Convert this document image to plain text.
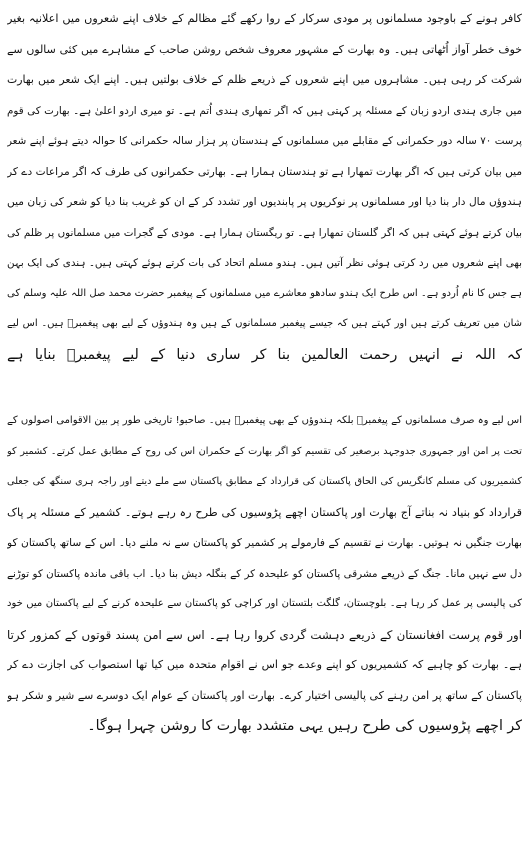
کافر ہونے کے باوجود مسلمانوں پر مودی سرکار کے روا رکھے گئے مظالم کے خلاف اپنے شعروں میں اعلانیہ بغیر

خوف خطر آواز اُٹھاتی ہیں۔ وہ بھارت کے مشہور معروف شخص روشن صاحب کے مشاہرے میں کئی سالوں سے

شرکت کر رہی ہیں۔ مشاہروں میں اپنے شعروں کے ذریعے ظلم کے خلاف بولتیں ہیں۔ اپنے ایک شعر میں بھارت

میں جاری ہندی اردو زبان کے مسئلہ پر کہتی ہیں کہ اگر تمھاری ہندی اُتم ہے۔ تو میری اردو اعلیٰ ہے۔ بھارت کی قوم

پرست ۷۰ سالہ دور حکمرانی کے مقابلے میں مسلمانوں کے ہندستان پر ہزار سالہ حکمرانی کا حوالہ دیتے ہوئے اپنے شعر

میں بیان کرتی ہیں کہ اگر بھارت تمھارا ہے تو ہندستان ہمارا ہے۔ بھارتی حکمرانوں کی طرف کہ اگر مراعات دے کر

ہندوؤں مال دار بنا دیا اور مسلمانوں پر نوکریوں پر پابندیوں اور تشدد کر کے ان کو غریب بنا دیا کو شعر کی زبان میں

بیان کرتے ہوئے کہتی ہیں کہ اگر گلستان تمھارا ہے۔ تو ریگستان ہمارا ہے۔ مودی کے گجرات میں مسلمانوں پر ظلم کی

بھی اپنے شعروں میں رد کرتی ہوئی نظر آتیں ہیں۔ ہندو مسلم اتحاد کی بات کرتے ہوئے کہتی ہیں۔ ہندی کی ایک بہن

ہے جس کا نام اُردو ہے۔ اس طرح ایک ہندو سادھو معاشرے میں مسلمانوں کے پیغمبر حضرت محمد صل اللہ علیہ وسلم کی

شان میں تعریف کرتے ہیں اور کہتے ہیں کہ جیسے پیغمبر مسلمانوں کے ہیں وہ ہندوؤں کے لیے بھی پیغمبرؐ ہیں۔ اس لیے

کہ اللہ نے انہیں رحمت العالمین بنا کر ساری دنیا کے لیے پیغمبرؐ بنایا ہے

اس لیے وہ صرف مسلمانوں کے پیغمبرؐ بلکہ ہندوؤں کے بھی پیغمبرؐ ہیں۔ صاحبو! تاریخی طور پر بین الاقوامی اصولوں کے

تحت پر امن اور جمہوری جدوجہد برصغیر کی تقسیم کو اگر بھارت کے حکمران اس کی روح کے مطابق عمل کرتے۔ کشمیر کو

کشمیریوں کی مسلم کانگریس کی الحاق پاکستان کی قرارداد کے مطابق پاکستان سے ملے دیتے اور راجہ ہری سنگھ کی جعلی

قرارداد کو بنیاد نہ بناتے آج بھارت اور پاکستان اچھے پڑوسیوں کی طرح رہ رہے ہوتے۔ کشمیر کے مسئلہ پر پاک

بھارت جنگیں نہ ہوتیں۔ بھارت نے تقسیم کے فارمولے پر کشمیر کو پاکستان سے نہ ملنے دیا۔ اس کے ساتھ پاکستان کو

دل سے نہیں مانا۔ جنگ کے ذریعے مشرقی پاکستان کو علیحدہ کر کے بنگلہ دیش بنا دیا۔ اب باقی ماندہ پاکستان کو توڑنے

کی پالیسی پر عمل کر رہا ہے۔ بلوچستان، گلگت بلتستان اور کراچی کو پاکستان سے علیحدہ کرنے کے لیے پاکستان میں خود

اور قوم پرست افغانستان کے ذریعے دہشت گردی کروا رہا ہے۔ اس سے امن پسند قوتوں کے کمزور کرتا

ہے۔ بھارت کو چاہیے کہ کشمیریوں کو اپنے وعدے جو اس نے اقوام متحدہ میں کیا تھا استصواب کی اجازت دے کر

پاکستان کے ساتھ پر امن رہنے کی پالیسی اختیار کرے۔ بھارت اور پاکستان کے عوام ایک دوسرے سے شیر و شکر ہو

کر اچھے پڑوسیوں کی طرح رہیں یہی متشدد بھارت کا روشن چہرا ہوگا۔
